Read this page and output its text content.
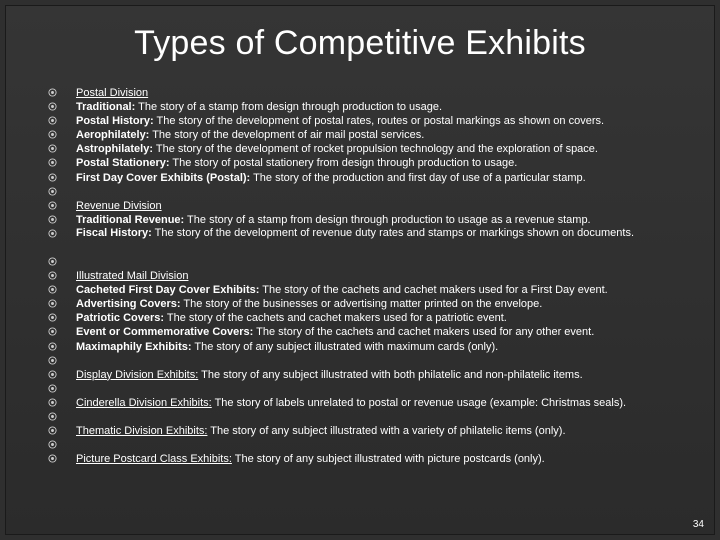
Types of Competitive Exhibits
Postal Division
Traditional: The story of a stamp from design through production to usage.
Postal History: The story of the development of postal rates, routes or postal markings as shown on covers.
Aerophilately: The story of the development of air mail postal services.
Astrophilately: The story of the development of rocket propulsion technology and the exploration of space.
Postal Stationery: The story of postal stationery from design through production to usage.
First Day Cover Exhibits (Postal): The story of the production and first day of use of a particular stamp.
Revenue Division
Traditional Revenue: The story of a stamp from design through production to usage as a revenue stamp.
Fiscal History: The story of the development of revenue duty rates and stamps or markings shown on documents.
Illustrated Mail Division
Cacheted First Day Cover Exhibits: The story of the cachets and cachet makers used for a First Day event.
Advertising Covers: The story of the businesses or advertising matter printed on the envelope.
Patriotic Covers: The story of the cachets and cachet makers used for a patriotic event.
Event or Commemorative Covers: The story of the cachets and cachet makers used for any other event.
Maximaphily Exhibits: The story of any subject illustrated with maximum cards (only).
Display Division Exhibits: The story of any subject illustrated with both philatelic and non-philatelic items.
Cinderella Division Exhibits: The story of labels unrelated to postal or revenue usage (example: Christmas seals).
Thematic Division Exhibits: The story of any subject illustrated with a variety of philatelic items (only).
Picture Postcard Class Exhibits: The story of any subject illustrated with picture postcards (only).
34
